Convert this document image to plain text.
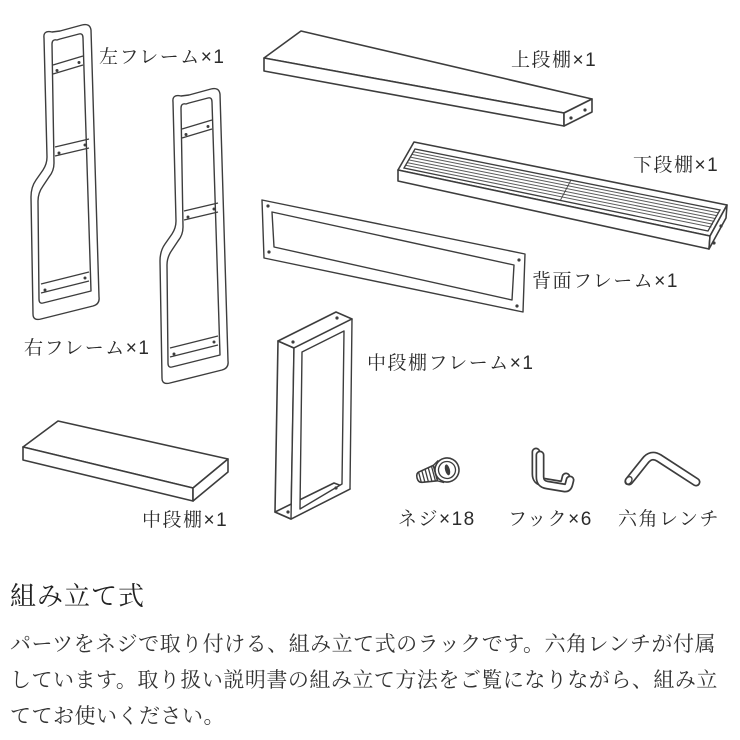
左フレーム×1	上段棚×1
下段棚×1
背面フレーム×1
右フレーム×1
中段棚フレーム×1
中段棚×1	ネジ×18 フック×6 六角レンチ
組み立て式

パーツをネジで取り付ける、組み立て式のラックです。六角レンチが付属しています。取り扱い説明書の組み立て方法をご覧になりながら、組み立ててお使いください。
